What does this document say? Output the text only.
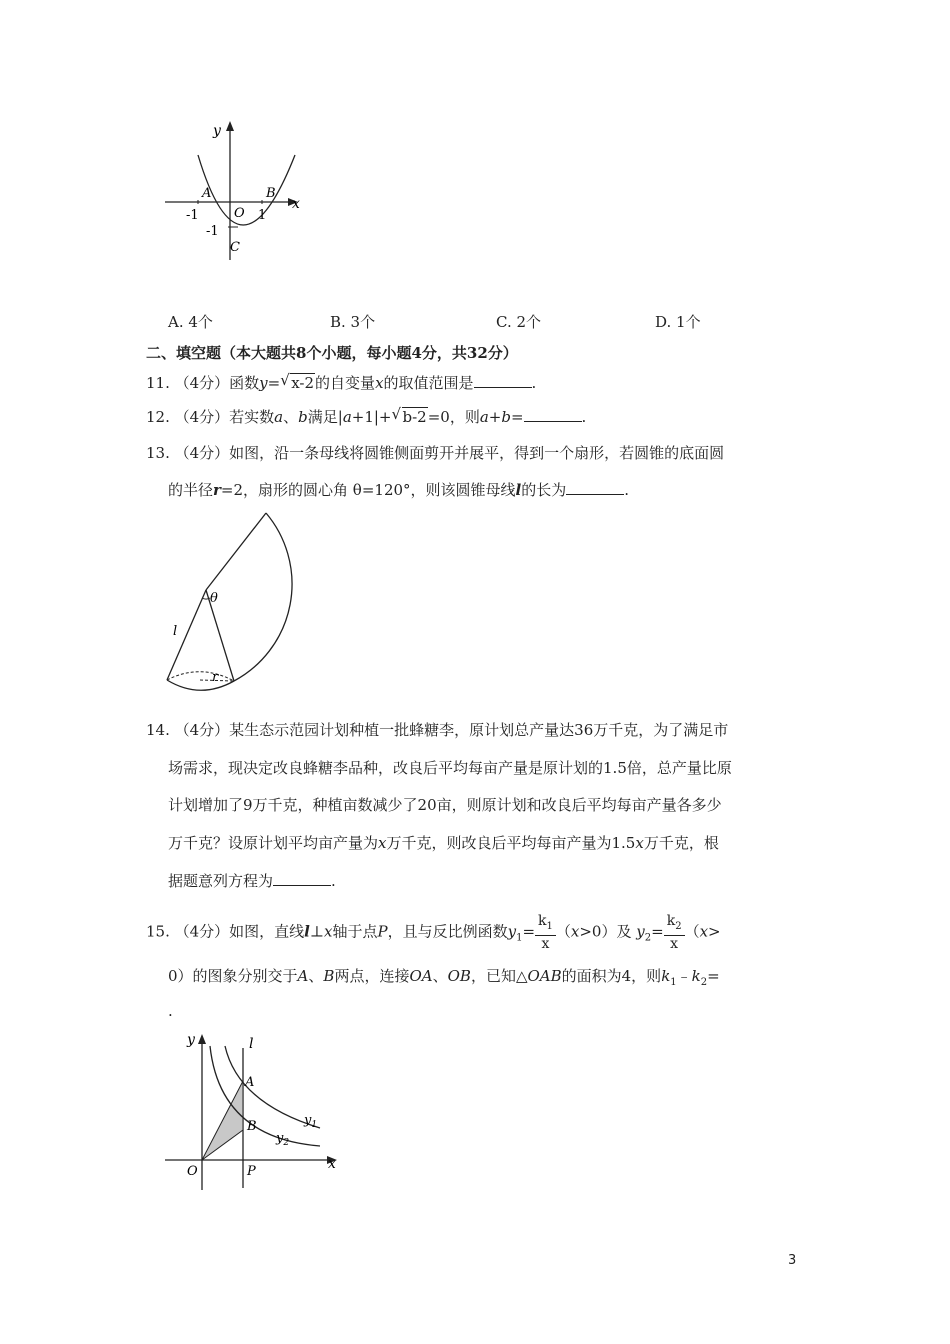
y
x
A	B
O
C
-1	1
-1
A. 4个	B. 3个	C. 2个	D. 1个
二、填空题（本大题共8个小题，每小题4分，共32分）
11. （4分）函数y= √ x-2的自变量x的取值范围是	.
12. （4分）若实数a、b满足|a+1|+ √ b-2=0，则a+b=	.
13. （4分）如图，沿一条母线将圆锥侧面剪开并展平，得到一个扇形，若圆锥的底面圆
的半径r=2，扇形的圆心角 θ=120°，则该圆锥母线l的长为	.
θ
l
r
14. （4分）某生态示范园计划种植一批蜂糖李，原计划总产量达36万千克，为了满足市
场需求，现决定改良蜂糖李品种，改良后平均每亩产量是原计划的1.5倍，总产量比原
计划增加了9万千克，种植亩数减少了20亩，则原计划和改良后平均每亩产量各多少
万千克？设原计划平均亩产量为x万千克，则改良后平均每亩产量为1.5x万千克，根
据题意列方程为	.
15. （4分）如图，直线l⊥x轴于点P，且与反比例函数$y_1= \frac{k_1}{x} (x>0)$及 $y_2= \frac{k_2}{x} (x>$
0）的图象分别交于A、B两点，连接OA、OB，已知△OAB的面积为4，则$k_1﹣k_2=$
.
y	l
A
B	$y_1$
$y_2$
O	P	x
3
